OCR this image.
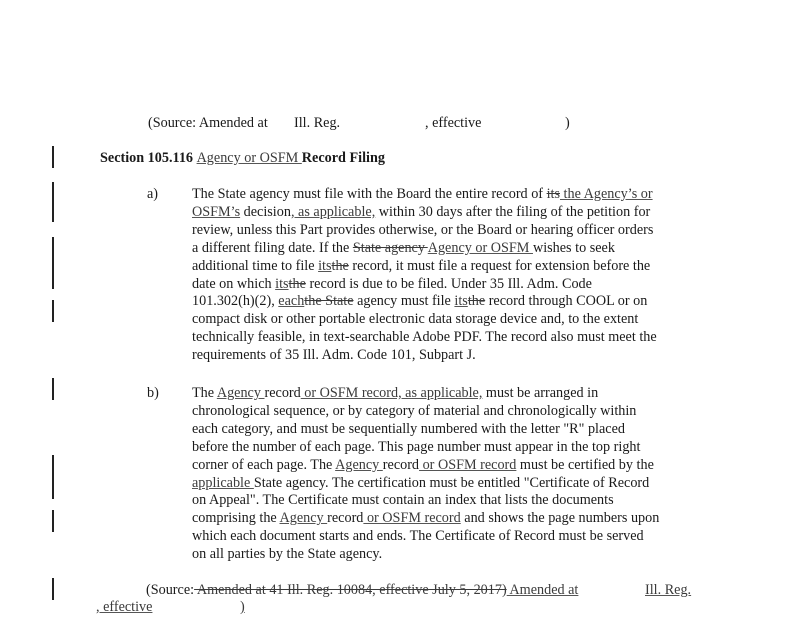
(Source: Amended at Ill. Reg.	, effective	)
Section 105.116 Agency or OSFM Record Filing
a) The State agency must file with the Board the entire record of its the Agency’s or
OSFM’s decision, as applicable, within 30 days after the filing of the petition for
review, unless this Part provides otherwise, or the Board or hearing officer orders
a different filing date. If the State agency Agency or OSFM wishes to seek
additional time to file itsthe record, it must file a request for extension before the
date on which itsthe record is due to be filed. Under 35 Ill. Adm. Code
101.302(h)(2), eachthe State agency must file itsthe record through COOL or on
compact disk or other portable electronic data storage device and, to the extent
technically feasible, in text-searchable Adobe PDF. The record also must meet the
requirements of 35 Ill. Adm. Code 101, Subpart J.
b) The Agency record or OSFM record, as applicable, must be arranged in
chronological sequence, or by category of material and chronologically within
each category, and must be sequentially numbered with the letter "R" placed
before the number of each page. This page number must appear in the top right
corner of each page. The Agency record or OSFM record must be certified by the
applicable State agency. The certification must be entitled "Certificate of Record
on Appeal". The Certificate must contain an index that lists the documents
comprising the Agency record or OSFM record and shows the page numbers upon
which each document starts and ends. The Certificate of Record must be served
on all parties by the State agency.
(Source: Amended at 41 Ill. Reg. 10084, effective July 5, 2017) Amended at	Ill. Reg.
, effective	)
